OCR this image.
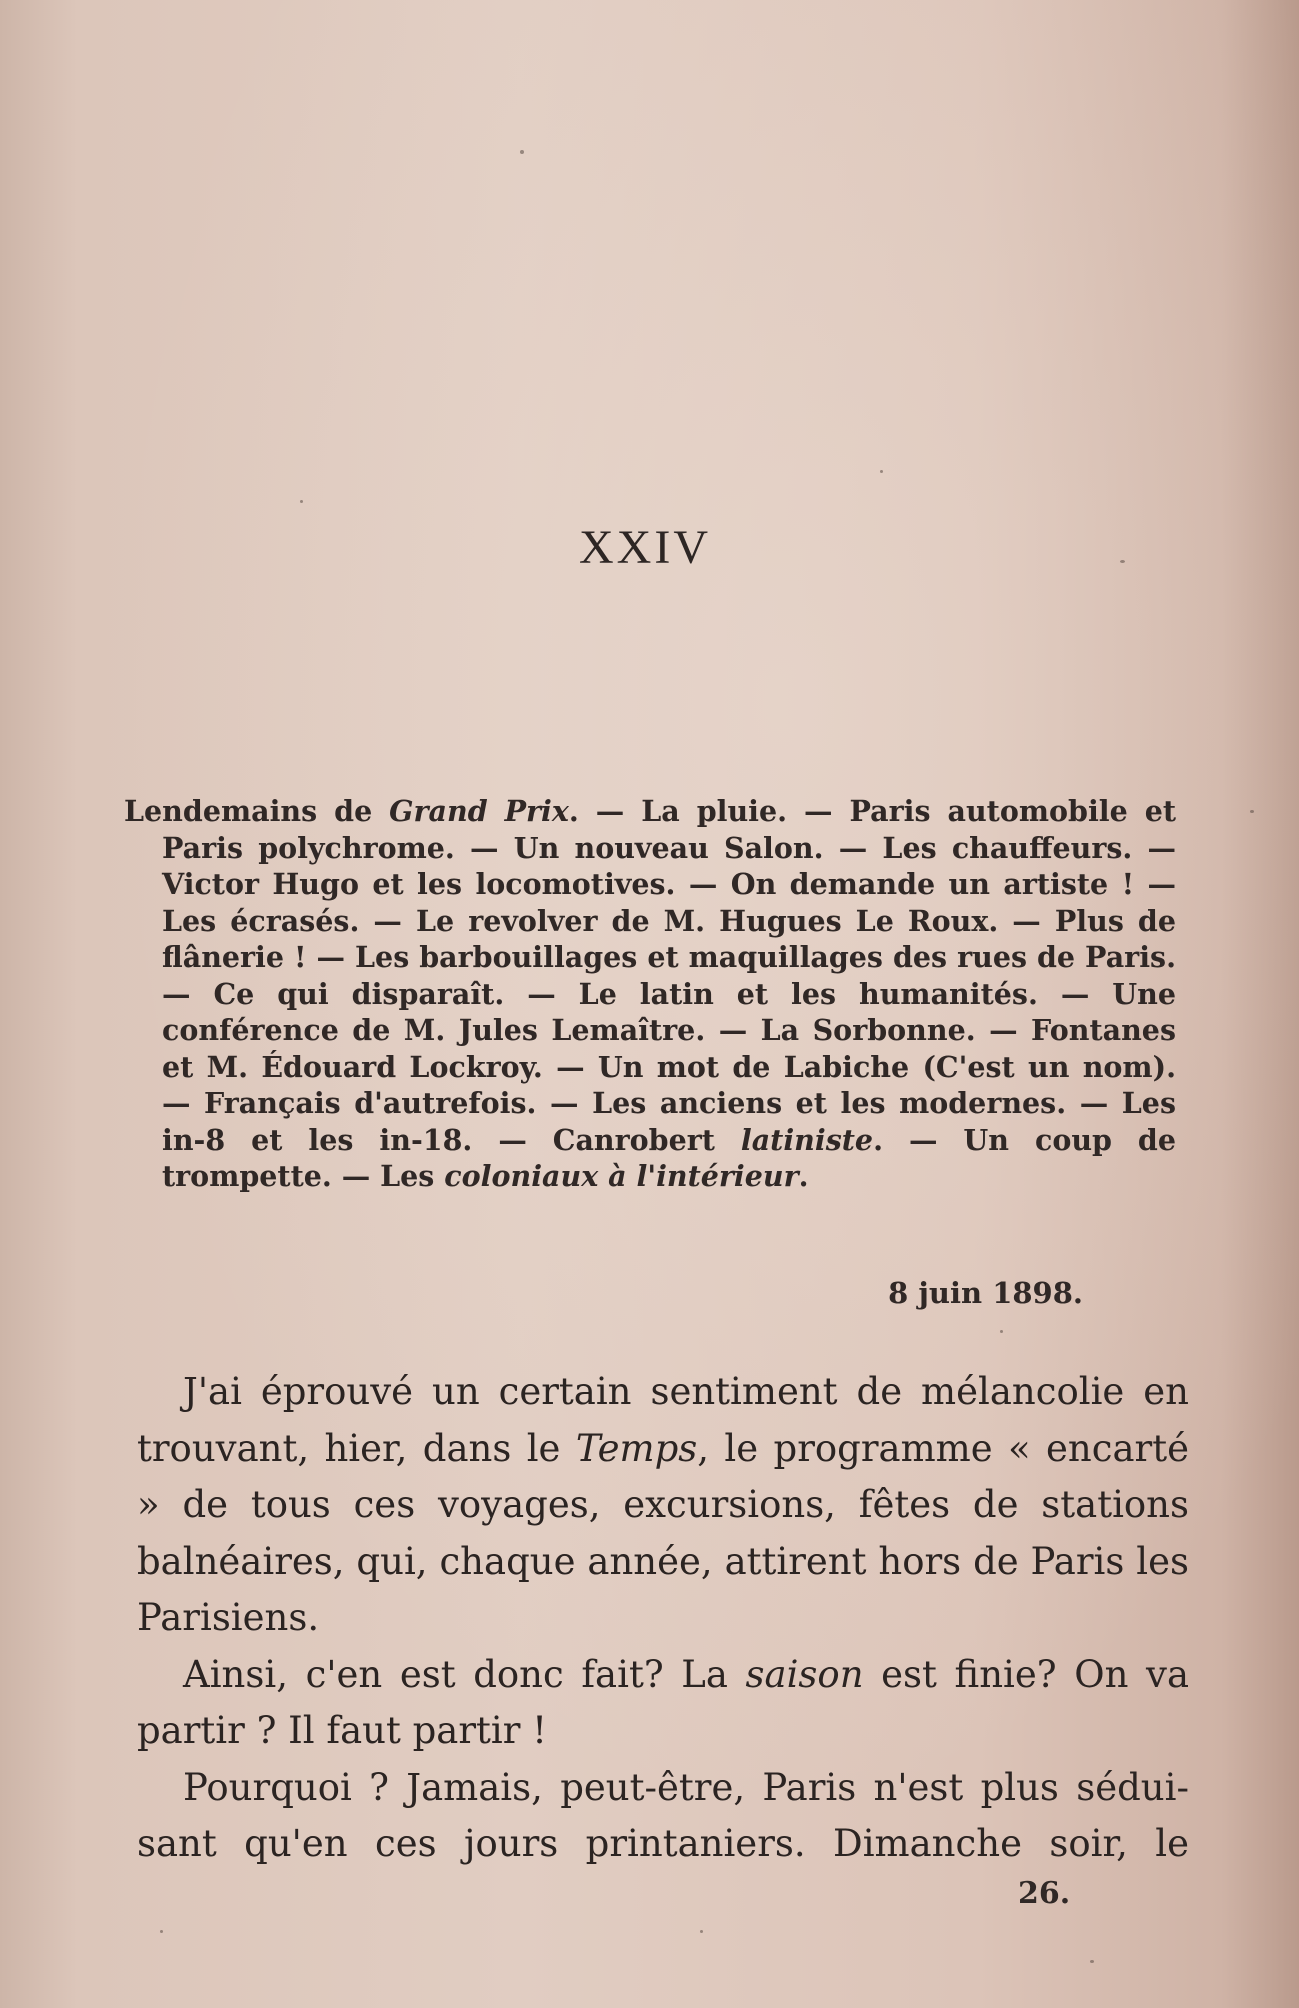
XXIV
Lendemains de Grand Prix. — La pluie. — Paris automobile et Paris polychrome. — Un nouveau Salon. — Les chauffeurs. — Victor Hugo et les locomotives. — On demande un artiste ! — Les écrasés. — Le revolver de M. Hugues Le Roux. — Plus de flânerie ! — Les barbouillages et maquillages des rues de Paris. — Ce qui disparaît. — Le latin et les humanités. — Une conférence de M. Jules Lemaître. — La Sorbonne. — Fontanes et M. Édouard Lockroy. — Un mot de Labiche (C'est un nom). — Français d'autrefois. — Les anciens et les modernes. — Les in-8 et les in-18. — Canrobert latiniste. — Un coup de trompette. — Les coloniaux à l'intérieur.
8 juin 1898.

J'ai éprouvé un certain sentiment de mélancolie en trouvant, hier, dans le Temps, le programme « encarté » de tous ces voyages, excursions, fêtes de stations balnéaires, qui, chaque année, attirent hors de Paris les Parisiens.

Ainsi, c'en est donc fait? La saison est finie? On va partir ? Il faut partir !

Pourquoi ? Jamais, peut-être, Paris n'est plus séduisant qu'en ces jours printaniers. Dimanche soir, le

26.
